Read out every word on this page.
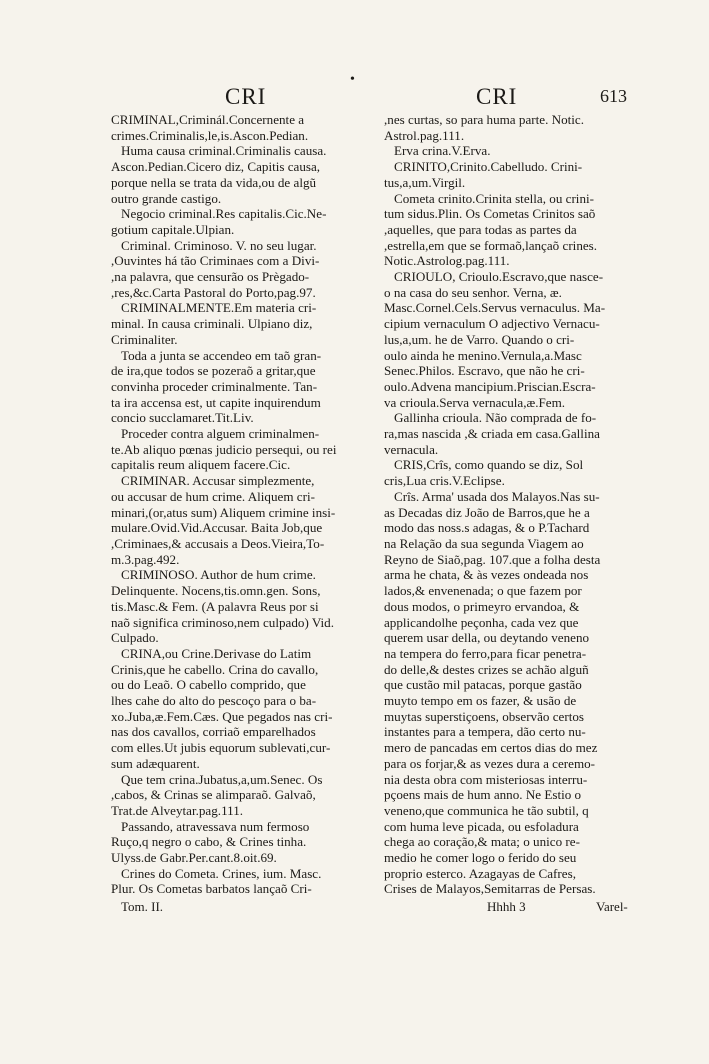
•
CRI	CRI	613
CRIMINAL,Criminál.Concernente a
crimes.Criminalis,le,is.Ascon.Pedian.
Huma causa criminal.Criminalis causa.
Ascon.Pedian.Cicero diz, Capitis causa,
porque nella se trata da vida,ou de algũ
outro grande castigo.
Negocio criminal.Res capitalis.Cic.Ne-
gotium capitale.Ulpian.
Criminal. Criminoso. V. no seu lugar.
,Ouvintes há tão Criminaes com a Divi-
,na palavra, que censurão os Prègado-
,res,&c.Carta Pastoral do Porto,pag.97.
CRIMINALMENTE.Em materia cri-
minal. In causa criminali. Ulpiano diz,
Criminaliter.
Toda a junta se accendeo em taõ gran-
de ira,que todos se pozeraõ a gritar,que
convinha proceder criminalmente. Tan-
ta ira accensa est, ut capite inquirendum
concio succlamaret.Tit.Liv.
Proceder contra alguem criminalmen-
te.Ab aliquo pœnas judicio persequi, ou rei
capitalis reum aliquem facere.Cic.
CRIMINAR. Accusar simplezmente,
ou accusar de hum crime. Aliquem cri-
minari,(or,atus sum) Aliquem crimine insi-
mulare.Ovid.Vid.Accusar. Baita Job,que
,Criminaes,& accusais a Deos.Vieira,To-
m.3.pag.492.
CRIMINOSO. Author de hum crime.
Delinquente. Nocens,tis.omn.gen. Sons,
tis.Masc.& Fem. (A palavra Reus por si
naõ significa criminoso,nem culpado) Vid.
Culpado.
CRINA,ou Crine.Derivase do Latim
Crinis,que he cabello. Crina do cavallo,
ou do Leaõ. O cabello comprido, que
lhes cahe do alto do pescoço para o ba-
xo.Juba,æ.Fem.Cæs. Que pegados nas cri-
nas dos cavallos, corriaõ emparelhados
com elles.Ut jubis equorum sublevati,cur-
sum adæquarent.
Que tem crina.Jubatus,a,um.Senec. Os
,cabos, & Crinas se alimparaõ. Galvaõ,
Trat.de Alveytar.pag.111.
Passando, atravessava num fermoso
Ruço,q negro o cabo, & Crines tinha.
Ulyss.de Gabr.Per.cant.8.oit.69.
Crines do Cometa. Crines, ium. Masc.
Plur. Os Cometas barbatos lançaõ Cri-
,nes curtas, so para huma parte. Notic.
Astrol.pag.111.
Erva crina.V.Erva.
CRINITO,Crinito.Cabelludo. Crini-
tus,a,um.Virgil.
Cometa crinito.Crinita stella, ou crini-
tum sidus.Plin. Os Cometas Crinitos saõ
,aquelles, que para todas as partes da
,estrella,em que se formaõ,lançaõ crines.
Notic.Astrolog.pag.111.
CRIOULO, Crioulo.Escravo,que nasce-
o na casa do seu senhor. Verna, æ.
Masc.Cornel.Cels.Servus vernaculus. Ma-
cipium vernaculum O adjectivo Vernacu-
lus,a,um. he de Varro. Quando o cri-
oulo ainda he menino.Vernula,a.Masc
Senec.Philos. Escravo, que não he cri-
oulo.Advena mancipium.Priscian.Escra-
va crioula.Serva vernacula,æ.Fem.
Gallinha crioula. Não comprada de fo-
ra,mas nascida ,& criada em casa.Gallina
vernacula.
CRIS,Crîs, como quando se diz, Sol
cris,Lua cris.V.Eclipse.
Crîs. Arma' usada dos Malayos.Nas su-
as Decadas diz João de Barros,que he a
modo das noss.s adagas, & o P.Tachard
na Relação da sua segunda Viagem ao
Reyno de Siaõ,pag. 107.que a folha desta
arma he chata, & às vezes ondeada nos
lados,& envenenada; o que fazem por
dous modos, o primeyro ervandoa, &
applicandolhe peçonha, cada vez que
querem usar della, ou deytando veneno
na tempera do ferro,para ficar penetra-
do delle,& destes crizes se achão alguñ
que custão mil patacas, porque gastão
muyto tempo em os fazer, & usão de
muytas superstiçoens, observão certos
instantes para a tempera, dão certo nu-
mero de pancadas em certos dias do mez
para os forjar,& as vezes dura a ceremo-
nia desta obra com misteriosas interru-
pçoens mais de hum anno. Ne Estio o
veneno,que communica he tão subtil, q
com huma leve picada, ou esfoladura
chega ao coração,& mata; o unico re-
medio he comer logo o ferido do seu
proprio esterco. Azagayas de Cafres,
Crises de Malayos,Semitarras de Persas.
Tom. II.	Hhhh 3	Varel-
